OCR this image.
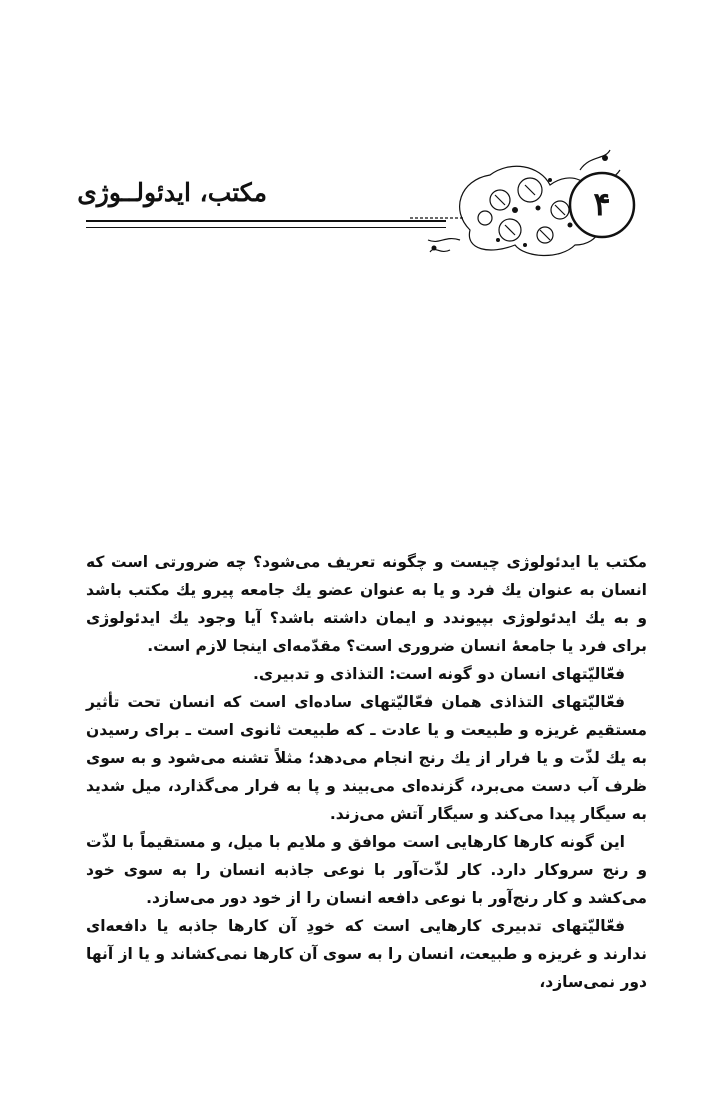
۴
مکتب، ایدئولــوژی

مکتب یا ایدئولوژی چیست و چگونه تعریف می‌شود؟ چه ضرورتی است که انسان به عنوان یك فرد و یا به عنوان عضو یك جامعه پیرو یك مکتب باشد و به یك ایدئولوژی بپیوندد و ایمان داشته باشد؟ آیا وجود یك ایدئولوژی برای فرد یا جامعهٔ انسان ضروری است؟ مقدّمه‌ای اینجا لازم است.

فعّالیّتهای انسان دو گونه است: التذاذی و تدبیری.

فعّالیّتهای التذاذی همان فعّالیّتهای ساده‌ای است که انسان تحت تأثیر مستقیم غریزه و طبیعت و یا عادت ـ که طبیعت ثانوی است ـ برای رسیدن به یك لذّت و یا فرار از یك رنج انجام می‌دهد؛ مثلاً تشنه می‌شود و به سوی ظرف آب دست می‌برد، گزنده‌ای می‌بیند و پا به فرار می‌گذارد، میل شدید به سیگار پیدا می‌کند و سیگار آتش می‌زند.

این گونه کارها کارهایی است موافق و ملایم با میل، و مستقیماً با لذّت و رنج سروکار دارد. کار لذّت‌آور با نوعی جاذبه انسان را به سوی خود می‌کشد و کار رنج‌آور با نوعی دافعه انسان را از خود دور می‌سازد.

فعّالیّتهای تدبیری کارهایی است که خودِ آن کارها جاذبه یا دافعه‌ای ندارند و غریزه و طبیعت، انسان را به سوی آن کارها نمی‌کشاند و یا از آنها دور نمی‌سازد،
